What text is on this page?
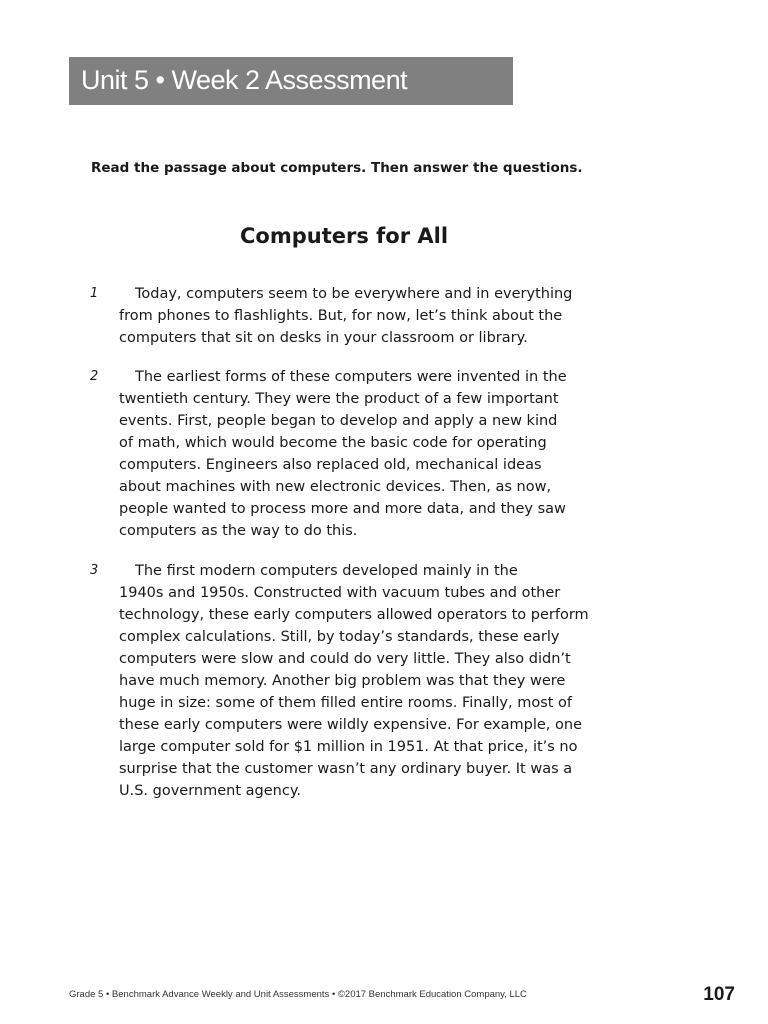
Unit 5 • Week 2 Assessment
Read the passage about computers. Then answer the questions.
Computers for All
1	Today, computers seem to be everywhere and in everything
from phones to flashlights. But, for now, let’s think about the
computers that sit on desks in your classroom or library.
2	The earliest forms of these computers were invented in the
twentieth century. They were the product of a few important
events. First, people began to develop and apply a new kind
of math, which would become the basic code for operating
computers. Engineers also replaced old, mechanical ideas
about machines with new electronic devices. Then, as now,
people wanted to process more and more data, and they saw
computers as the way to do this.
3	The first modern computers developed mainly in the
1940s and 1950s. Constructed with vacuum tubes and other
technology, these early computers allowed operators to perform
complex calculations. Still, by today’s standards, these early
computers were slow and could do very little. They also didn’t
have much memory. Another big problem was that they were
huge in size: some of them filled entire rooms. Finally, most of
these early computers were wildly expensive. For example, one
large computer sold for $1 million in 1951. At that price, it’s no
surprise that the customer wasn’t any ordinary buyer. It was a
U.S. government agency.
Grade 5 • Benchmark Advance Weekly and Unit Assessments • ©2017 Benchmark Education Company, LLC	107
